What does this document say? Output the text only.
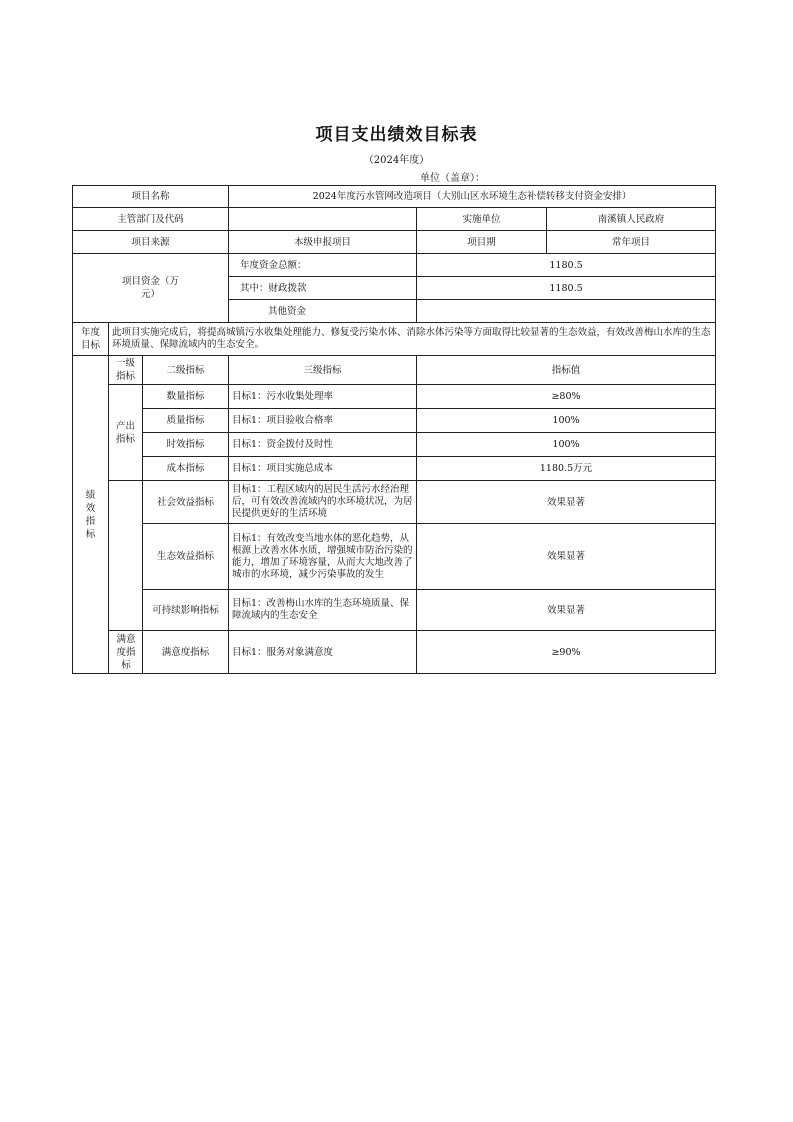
项目支出绩效目标表
（2024年度）
单位（盖章）：
项目名称			2024年度污水管网改造项目（大别山区水环境生态补偿转移支付资金安排）		
主管部门及代码				实施单位	南溪镇人民政府
项目来源			本级申报项目	项目期	常年项目

项目资金（万元）			年度资金总额：	1180.5	
			其中：财政拨款	1180.5	
			其他资金		

年度目标	此项目实施完成后，将提高城镇污水收集处理能力、修复受污染水体、消除水体污染等方面取得比较显著的生态效益，有效改善梅山水库的生态环境质量、保障流域内的生态安全。				

绩效指标	一级指标	二级指标	三级指标	指标值	

	产出指标	数量指标	目标1：污水收集处理率	≥80%	
		质量指标	目标1：项目验收合格率	100%	
		时效指标	目标1：资金拨付及时性	100%	
		成本指标	目标1：项目实施总成本	1180.5万元	
		社会效益指标	目标1：工程区域内的居民生活污水经治理后，可有效改善流域内的水环境状况，为居民提供更好的生活环境	效果显著	
		生态效益指标	目标1：有效改变当地水体的恶化趋势，从根源上改善水体水质，增强城市防治污染的能力，增加了环境容量，从而大大地改善了城市的水环境，减少污染事故的发生	效果显著	
		可持续影响指标	目标1：改善梅山水库的生态环境质量、保障流域内的生态安全	效果显著	

	满意度指标	满意度指标	目标1：服务对象满意度	≥90%	
